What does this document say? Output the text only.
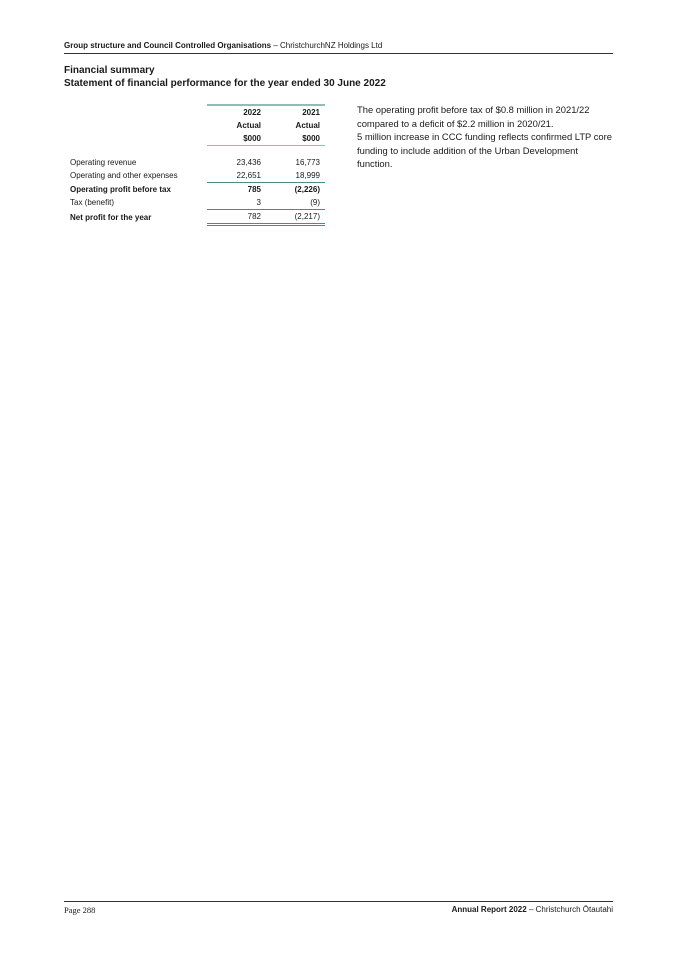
Group structure and Council Controlled Organisations – ChristchurchNZ Holdings Ltd
Financial summary
Statement of financial performance for the year ended 30 June 2022
	2022	2021
	Actual	Actual
	$000	$000

Operating revenue	23,436	16,773
Operating and other expenses	22,651	18,999
Operating profit before tax	785	(2,226)
Tax (benefit)	3	(9)
Net profit for the year	782	(2,217)

The operating profit before tax of $0.8 million in 2021/22 compared to a deficit of $2.2 million in 2020/21.

5 million increase in CCC funding reflects confirmed LTP core funding to include addition of the Urban Development function.

Page 288	Annual Report 2022 – Christchurch Ōtautahi
